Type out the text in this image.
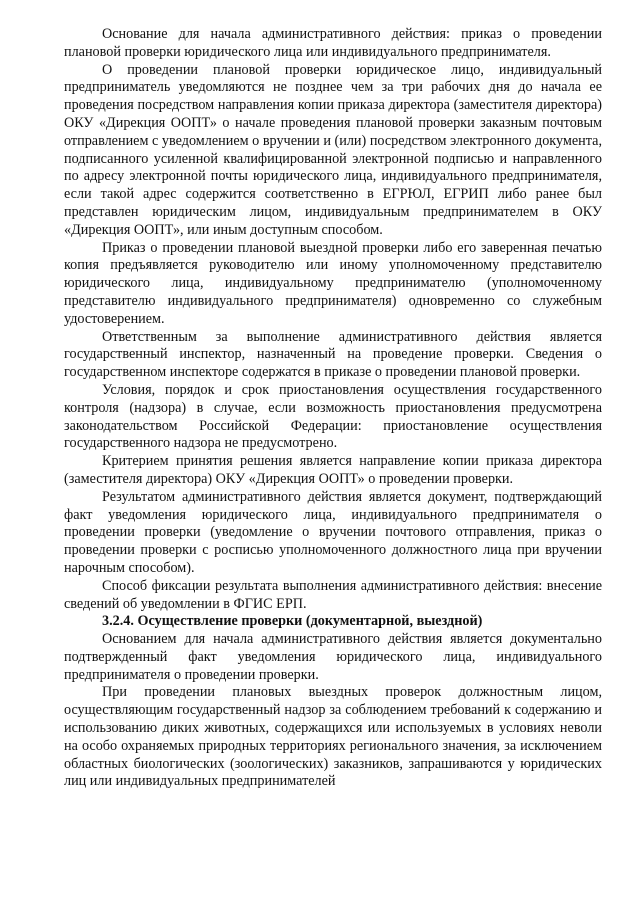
Основание для начала административного действия: приказ о проведении плановой проверки юридического лица или индивидуального предпринимателя.

О проведении плановой проверки юридическое лицо, индивидуальный предприниматель уведомляются не позднее чем за три рабочих дня до начала ее проведения посредством направления копии приказа директора (заместителя директора) ОКУ «Дирекция ООПТ» о начале проведения плановой проверки заказным почтовым отправлением с уведомлением о вручении и (или) посредством электронного документа, подписанного усиленной квалифицированной электронной подписью и направленного по адресу электронной почты юридического лица, индивидуального предпринимателя, если такой адрес содержится соответственно в ЕГРЮЛ, ЕГРИП либо ранее был представлен юридическим лицом, индивидуальным предпринимателем в ОКУ «Дирекция ООПТ», или иным доступным способом.

Приказ о проведении плановой выездной проверки либо его заверенная печатью копия предъявляется руководителю или иному уполномоченному представителю юридического лица, индивидуальному предпринимателю (уполномоченному представителю индивидуального предпринимателя) одновременно со служебным удостоверением.

Ответственным за выполнение административного действия является государственный инспектор, назначенный на проведение проверки. Сведения о государственном инспекторе содержатся в приказе о проведении плановой проверки.

Условия, порядок и срок приостановления осуществления государственного контроля (надзора) в случае, если возможность приостановления предусмотрена законодательством Российской Федерации: приостановление осуществления государственного надзора не предусмотрено.

Критерием принятия решения является направление копии приказа директора (заместителя директора) ОКУ «Дирекция ООПТ» о проведении проверки.

Результатом административного действия является документ, подтверждающий факт уведомления юридического лица, индивидуального предпринимателя о проведении проверки (уведомление о вручении почтового отправления, приказ о проведении проверки с росписью уполномоченного должностного лица при вручении нарочным способом).

Способ фиксации результата выполнения административного действия: внесение сведений об уведомлении в ФГИС ЕРП.

3.2.4. Осуществление проверки (документарной, выездной)

Основанием для начала административного действия является документально подтвержденный факт уведомления юридического лица, индивидуального предпринимателя о проведении проверки.

При проведении плановых выездных проверок должностным лицом, осуществляющим государственный надзор за соблюдением требований к содержанию и использованию диких животных, содержащихся или используемых в условиях неволи на особо охраняемых природных территориях регионального значения, за исключением областных биологических (зоологических) заказников, запрашиваются у юридических лиц или индивидуальных предпринимателей
